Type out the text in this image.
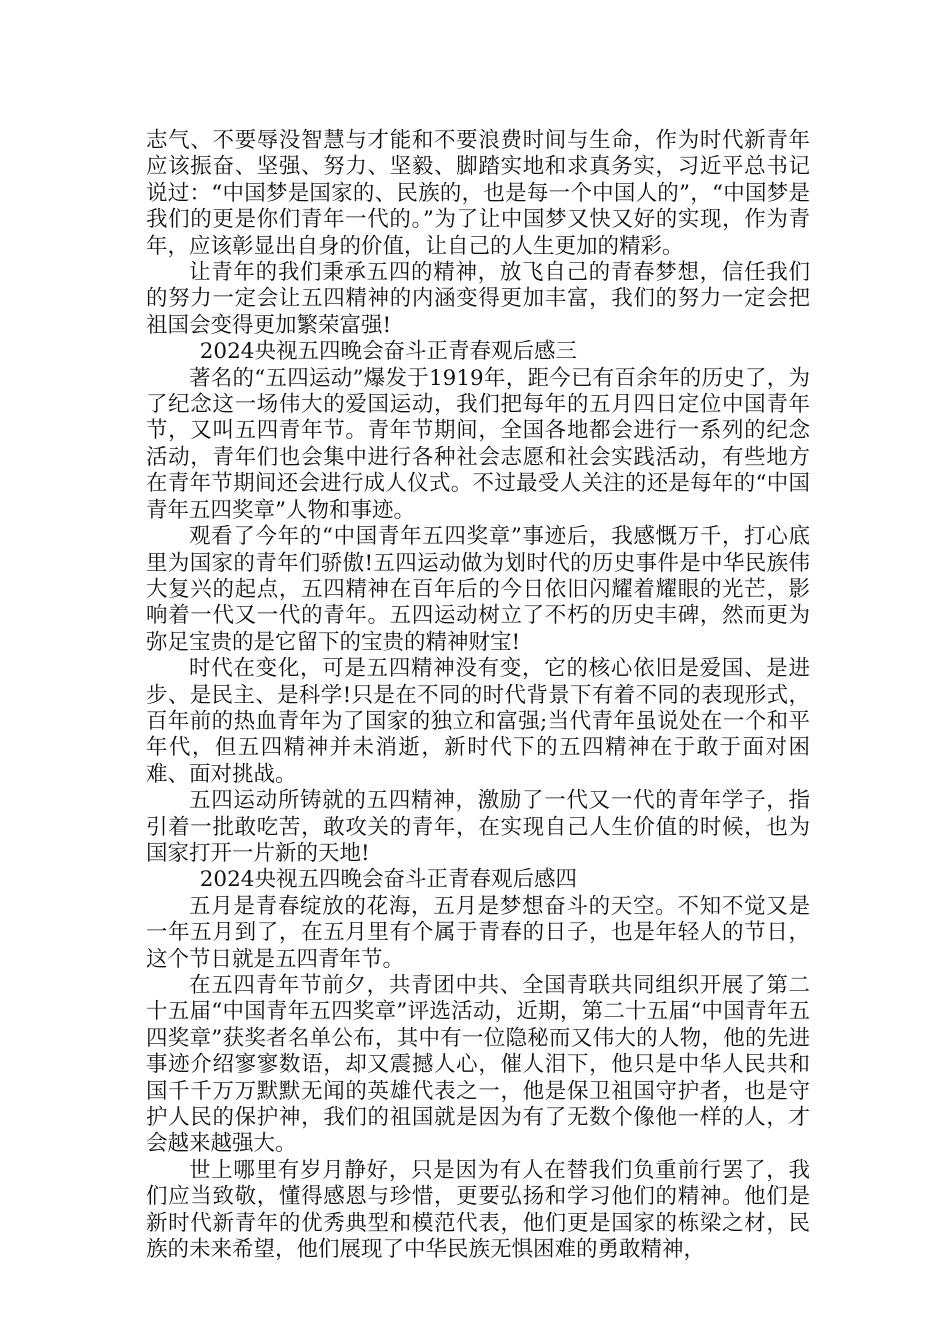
志气、不要辱没智慧与才能和不要浪费时间与生命，作为时代新青年应该振奋、坚强、努力、坚毅、脚踏实地和求真务实，习近平总书记说过：“中国梦是国家的、民族的，也是每一个中国人的”，“中国梦是我们的更是你们青年一代的。”为了让中国梦又快又好的实现，作为青年，应该彰显出自身的价值，让自己的人生更加的精彩。

让青年的我们秉承五四的精神，放飞自己的青春梦想，信任我们的努力一定会让五四精神的内涵变得更加丰富，我们的努力一定会把祖国会变得更加繁荣富强!

2024央视五四晚会奋斗正青春观后感三

著名的“五四运动”爆发于1919年，距今已有百余年的历史了，为了纪念这一场伟大的爱国运动，我们把每年的五月四日定位中国青年节，又叫五四青年节。青年节期间，全国各地都会进行一系列的纪念活动，青年们也会集中进行各种社会志愿和社会实践活动，有些地方在青年节期间还会进行成人仪式。不过最受人关注的还是每年的“中国青年五四奖章”人物和事迹。

观看了今年的“中国青年五四奖章”事迹后，我感慨万千，打心底里为国家的青年们骄傲!五四运动做为划时代的历史事件是中华民族伟大复兴的起点，五四精神在百年后的今日依旧闪耀着耀眼的光芒，影响着一代又一代的青年。五四运动树立了不朽的历史丰碑，然而更为弥足宝贵的是它留下的宝贵的精神财宝!

时代在变化，可是五四精神没有变，它的核心依旧是爱国、是进步、是民主、是科学!只是在不同的时代背景下有着不同的表现形式，百年前的热血青年为了国家的独立和富强;当代青年虽说处在一个和平年代，但五四精神并未消逝，新时代下的五四精神在于敢于面对困难、面对挑战。

五四运动所铸就的五四精神，激励了一代又一代的青年学子，指引着一批敢吃苦，敢攻关的青年，在实现自己人生价值的时候，也为国家打开一片新的天地!

2024央视五四晚会奋斗正青春观后感四

五月是青春绽放的花海，五月是梦想奋斗的天空。不知不觉又是一年五月到了，在五月里有个属于青春的日子，也是年轻人的节日，这个节日就是五四青年节。

在五四青年节前夕，共青团中共、全国青联共同组织开展了第二十五届“中国青年五四奖章”评选活动，近期，第二十五届“中国青年五四奖章”获奖者名单公布，其中有一位隐秘而又伟大的人物，他的先进事迹介绍寥寥数语，却又震撼人心，催人泪下，他只是中华人民共和国千千万万默默无闻的英雄代表之一，他是保卫祖国守护者，也是守护人民的保护神，我们的祖国就是因为有了无数个像他一样的人，才会越来越强大。

世上哪里有岁月静好，只是因为有人在替我们负重前行罢了，我们应当致敬，懂得感恩与珍惜，更要弘扬和学习他们的精神。他们是新时代新青年的优秀典型和模范代表，他们更是国家的栋梁之材，民族的未来希望，他们展现了中华民族无惧困难的勇敢精神，
